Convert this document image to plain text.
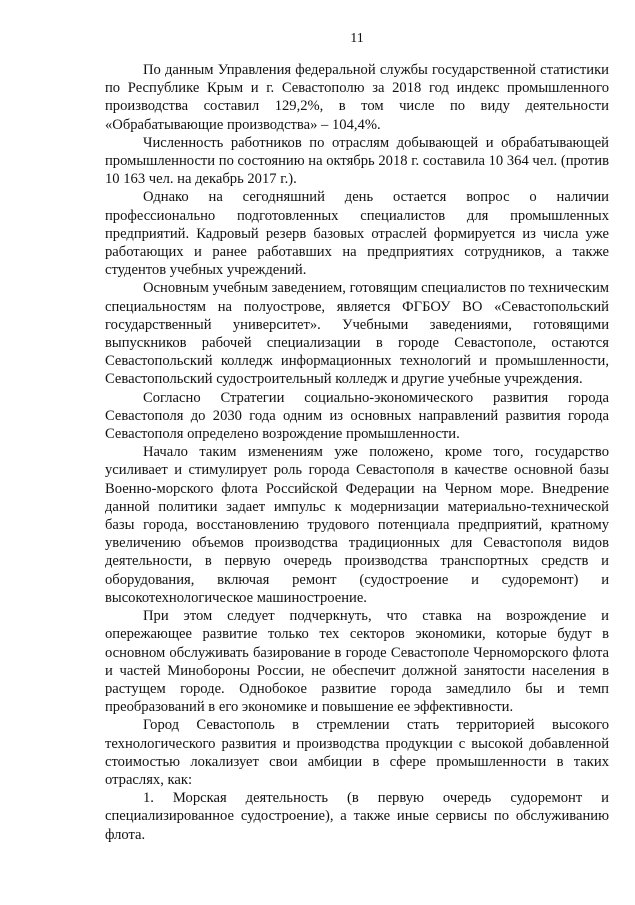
11

По данным Управления федеральной службы государственной статистики по Республике Крым и г. Севастополю за 2018 год индекс промышленного производства составил 129,2%, в том числе по виду деятельности «Обрабатывающие производства» – 104,4%.

Численность работников по отраслям добывающей и обрабатывающей промышленности по состоянию на октябрь 2018 г. составила 10 364 чел. (против 10 163 чел. на декабрь 2017 г.).

Однако на сегодняшний день остается вопрос о наличии профессионально подготовленных специалистов для промышленных предприятий. Кадровый резерв базовых отраслей формируется из числа уже работающих и ранее работавших на предприятиях сотрудников, а также студентов учебных учреждений.

Основным учебным заведением, готовящим специалистов по техническим специальностям на полуострове, является ФГБОУ ВО «Севастопольский государственный университет». Учебными заведениями, готовящими выпускников рабочей специализации в городе Севастополе, остаются Севастопольский колледж информационных технологий и промышленности, Севастопольский судостроительный колледж и другие учебные учреждения.

Согласно Стратегии социально-экономического развития города Севастополя до 2030 года одним из основных направлений развития города Севастополя определено возрождение промышленности.

Начало таким изменениям уже положено, кроме того, государство усиливает и стимулирует роль города Севастополя в качестве основной базы Военно-морского флота Российской Федерации на Черном море. Внедрение данной политики задает импульс к модернизации материально-технической базы города, восстановлению трудового потенциала предприятий, кратному увеличению объемов производства традиционных для Севастополя видов деятельности, в первую очередь производства транспортных средств и оборудования, включая ремонт (судостроение и судоремонт) и высокотехнологическое машиностроение.

При этом следует подчеркнуть, что ставка на возрождение и опережающее развитие только тех секторов экономики, которые будут в основном обслуживать базирование в городе Севастополе Черноморского флота и частей Минобороны России, не обеспечит должной занятости населения в растущем городе. Однобокое развитие города замедлило бы и темп преобразований в его экономике и повышение ее эффективности.

Город Севастополь в стремлении стать территорией высокого технологического развития и производства продукции с высокой добавленной стоимостью локализует свои амбиции в сфере промышленности в таких отраслях, как:

1. Морская деятельность (в первую очередь судоремонт и специализированное судостроение), а также иные сервисы по обслуживанию флота.
